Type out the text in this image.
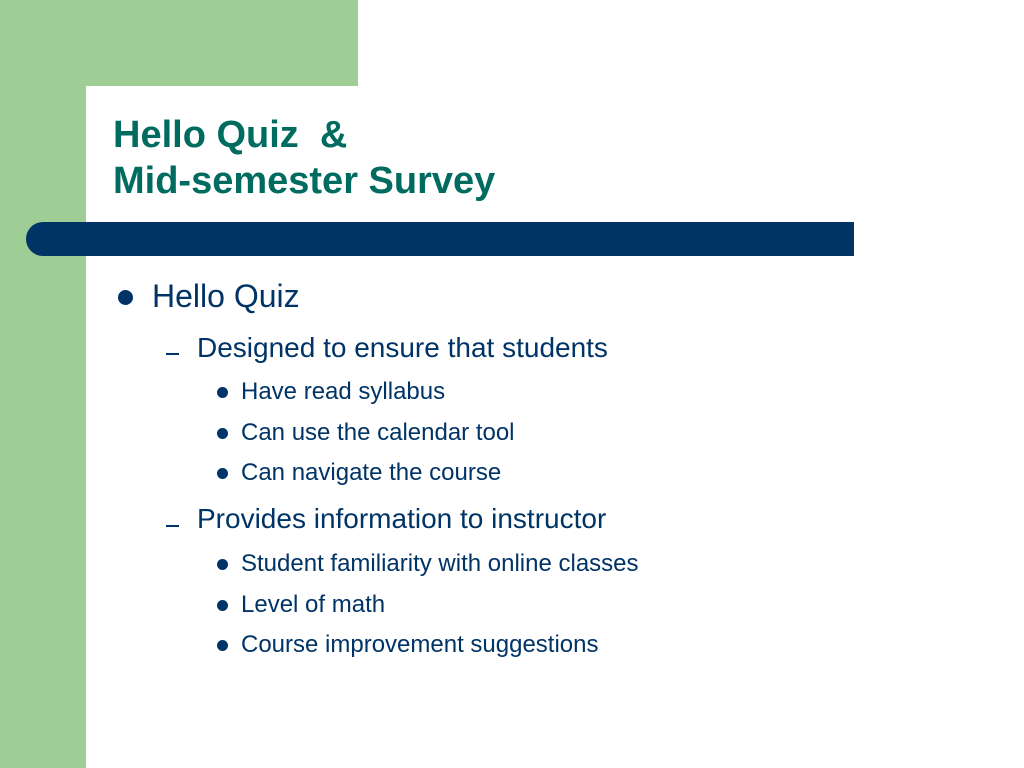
Hello Quiz  &
Mid-semester Survey
Hello Quiz
Designed to ensure that students
Have read syllabus
Can use the calendar tool
Can navigate the course
Provides information to instructor
Student familiarity with online classes
Level of math
Course improvement suggestions
